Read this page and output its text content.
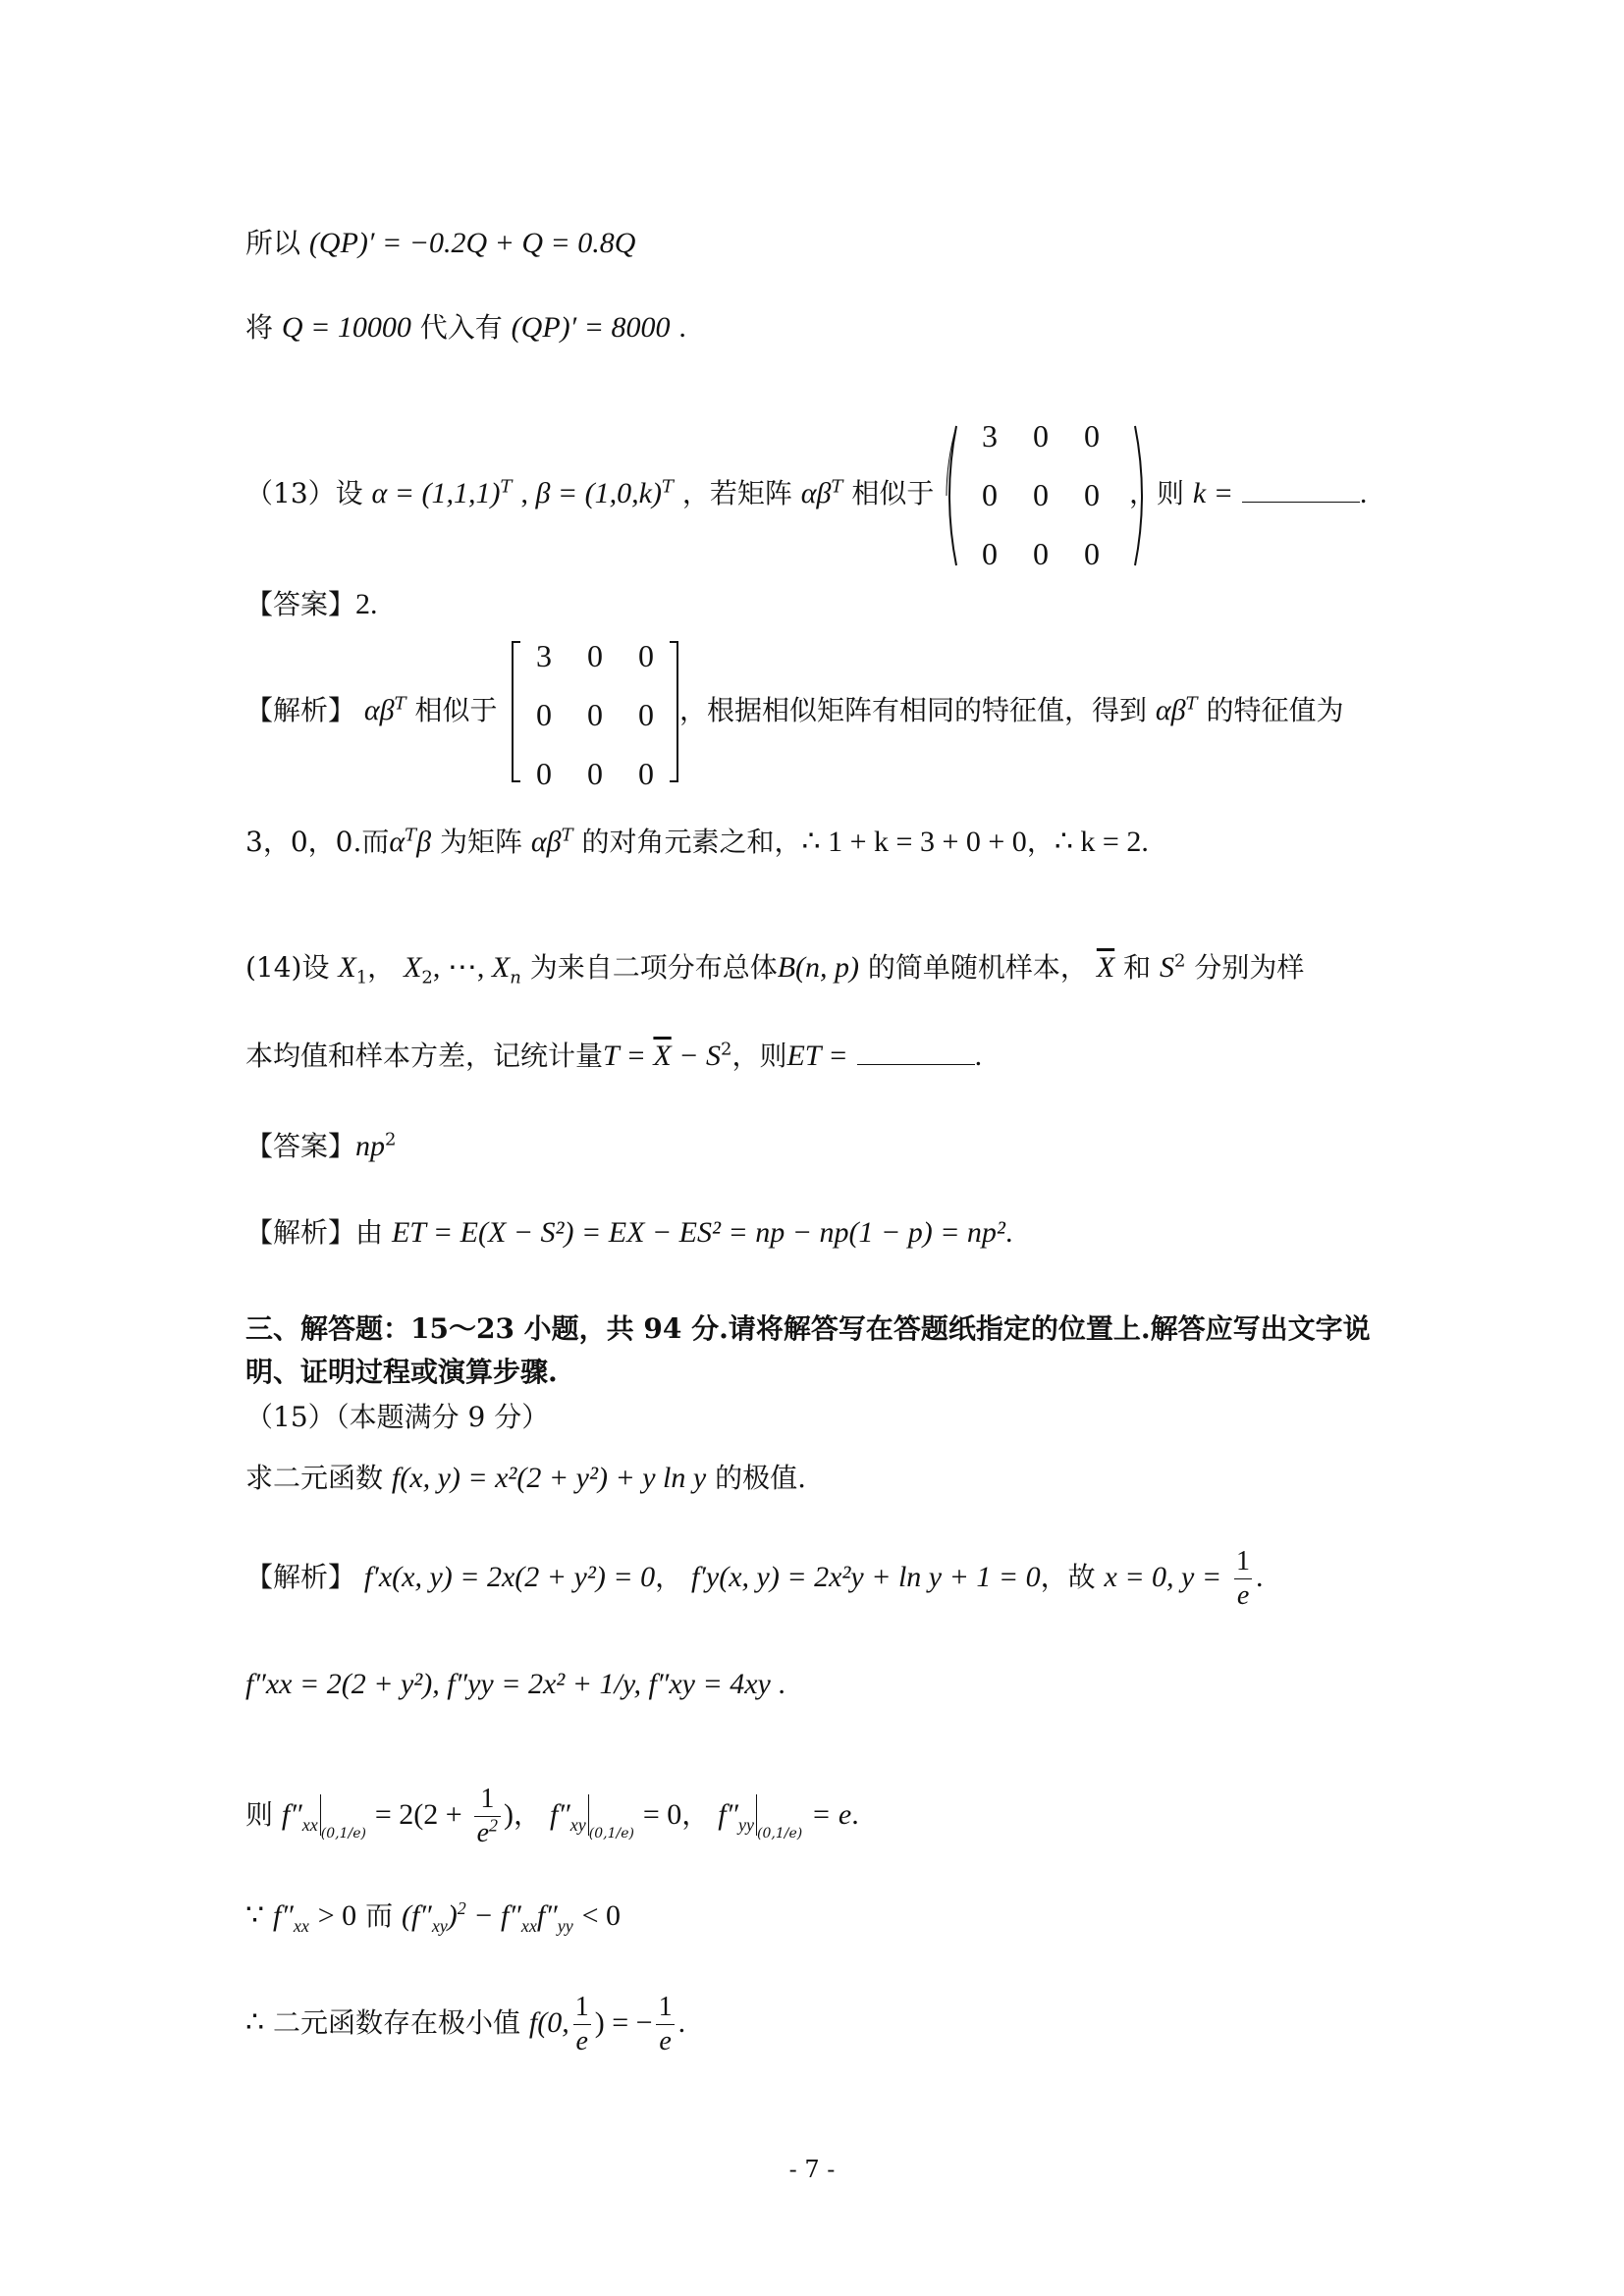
所以 (QP)′ = −0.2Q + Q = 0.8Q
将 Q = 10000 代入有 (QP)′ = 8000 .
（13）设 $\alpha = (1,1,1)^T$ , $\beta = (1,0,k)^T$ ，若矩阵 $\alpha\beta^T$ 相似于
3	0	0
0	0	0
0	0	0
，则 k =	.
【答案】2.
【解析】 $\alpha\beta^T$ 相似于
3	0	0
0	0	0
0	0	0
，根据相似矩阵有相同的特征值，得到 $\alpha\beta^T$ 的特征值为
3，0，0.而$\alpha^T\beta$ 为矩阵 $\alpha\beta^T$ 的对角元素之和，∴ 1 + k = 3 + 0 + 0，∴ k = 2.
(14)设 $X_1$， $X_2$, ⋯, $X_n$ 为来自二项分布总体B(n, p) 的简单随机样本， $\overline{X}$ 和 $S^2$ 分别为样
本均值和样本方差，记统计量$T = \overline{X} - S^2$，则ET =	.
【答案】$np^2$
【解析】由 ET = E(X − S²) = EX − ES² = np − np(1 − p) = np².
三、解答题：15～23 小题，共 94 分.请将解答写在答题纸指定的位置上.解答应写出文字说
明、证明过程或演算步骤.
（15）（本题满分 9 分）
求二元函数 f(x, y) = x²(2 + y²) + y ln y 的极值.
【解析】 f′x(x, y) = 2x(2 + y²) = 0， f′y(x, y) = 2x²y + ln y + 1 = 0，故 x = 0, $y = \frac{1}{e}$ .
f″xx = 2(2 + y²), f″yy = 2x² + 1/y, f″xy = 4xy .
则 $f''_{xx}$ $_{(0,1/e)} = 2(2 + \frac{1}{e^2}$ )， $f''_{xy}$ $_{(0,1/e)}$ = 0， $f''_{yy}$ $_{(0,1/e)}$ = e.
∵ $f''_{xx} > 0$ 而 $(f''_{xy})^2 - f''_{xx}f''_{yy} < 0$
∴ 二元函数存在极小值 f(0, $\frac{1}{e}$ ) = − $\frac{1}{e}$ .
- 7 -
